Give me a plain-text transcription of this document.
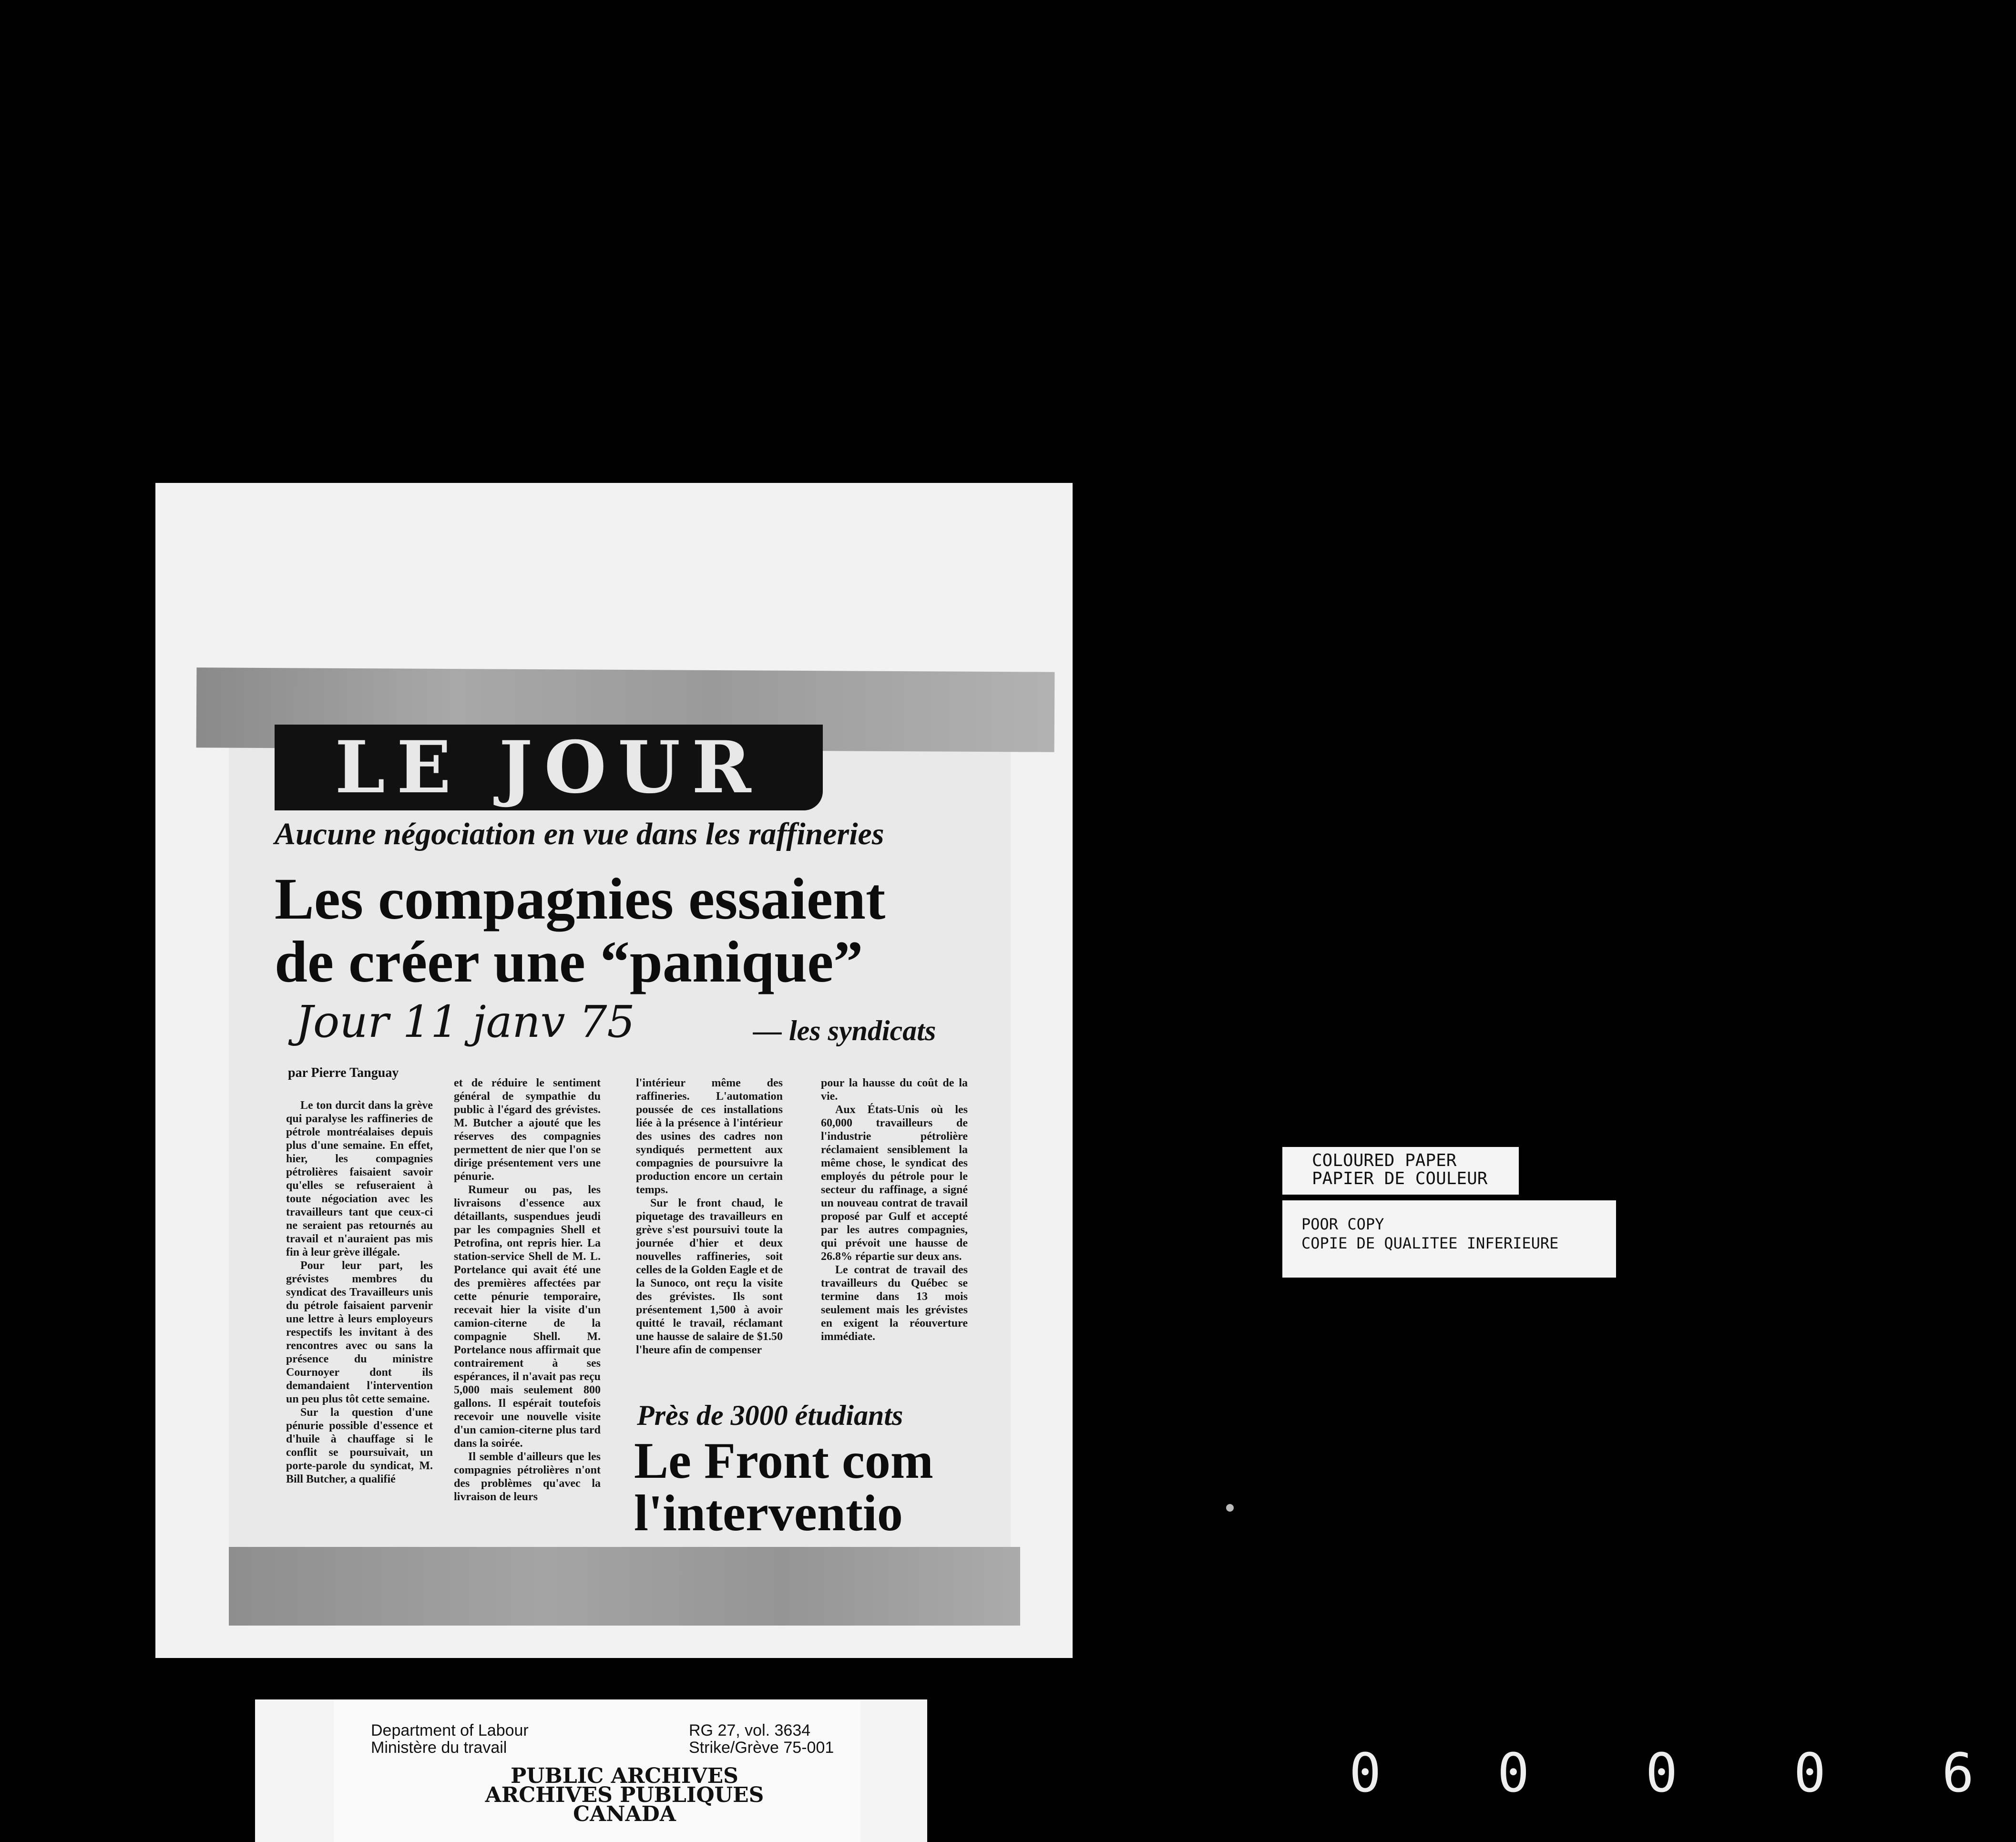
LE JOUR
Aucune négociation en vue dans les raffineries
Les compagnies essaient
de créer une “panique”
Jour 11 janv 75	— les syndicats
par Pierre Tanguay

Le ton durcit dans la grève qui paralyse les raffineries de pétrole montréalaises depuis plus d'une semaine. En effet, hier, les compagnies pétrolières faisaient savoir qu'elles se refuseraient à toute négociation avec les travailleurs tant que ceux-ci ne seraient pas retournés au travail et n'auraient pas mis fin à leur grève illégale.

Pour leur part, les grévistes membres du syndicat des Travailleurs unis du pétrole faisaient parvenir une lettre à leurs employeurs respectifs les invitant à des rencontres avec ou sans la présence du ministre Cournoyer dont ils demandaient l'intervention un peu plus tôt cette semaine.

Sur la question d'une pénurie possible d'essence et d'huile à chauffage si le conflit se poursuivait, un porte-parole du syndicat, M. Bill Butcher, a qualifié

et de réduire le sentiment général de sympathie du public à l'égard des grévistes. M. Butcher a ajouté que les réserves des compagnies permettent de nier que l'on se dirige présentement vers une pénurie.

Rumeur ou pas, les livraisons d'essence aux détaillants, suspendues jeudi par les compagnies Shell et Petrofina, ont repris hier. La station-service Shell de M. L. Portelance qui avait été une des premières affectées par cette pénurie temporaire, recevait hier la visite d'un camion-citerne de la compagnie Shell. M. Portelance nous affirmait que contrairement à ses espérances, il n'avait pas reçu 5,000 mais seulement 800 gallons. Il espérait toutefois recevoir une nouvelle visite d'un camion-citerne plus tard dans la soirée.

Il semble d'ailleurs que les compagnies pétrolières n'ont des problèmes qu'avec la livraison de leurs

l'intérieur même des raffineries. L'automation poussée de ces installations liée à la présence à l'intérieur des usines des cadres non syndiqués permettent aux compagnies de poursuivre la production encore un certain temps.

Sur le front chaud, le piquetage des travailleurs en grève s'est poursuivi toute la journée d'hier et deux nouvelles raffineries, soit celles de la Golden Eagle et de la Sunoco, ont reçu la visite des grévistes. Ils sont présentement 1,500 à avoir quitté le travail, réclamant une hausse de salaire de $1.50 l'heure afin de compenser

pour la hausse du coût de la vie.

Aux États-Unis où les 60,000 travailleurs de l'industrie pétrolière réclamaient sensiblement la même chose, le syndicat des employés du pétrole pour le secteur du raffinage, a signé un nouveau contrat de travail proposé par Gulf et accepté par les autres compagnies, qui prévoit une hausse de 26.8% répartie sur deux ans.

Le contrat de travail des travailleurs du Québec se termine dans 13 mois seulement mais les grévistes en exigent la réouverture immédiate.

Près de 3000 étudiants
Le Front com
l'interventio
COLOURED PAPER
PAPIER DE COULEUR
POOR COPY
COPIE DE QUALITEE INFERIEURE
Department of Labour
Ministère du travail
RG 27, vol. 3634
Strike/Grève 75-001
PUBLIC ARCHIVES
ARCHIVES PUBLIQUES
CANADA
0 0 0 0 6
